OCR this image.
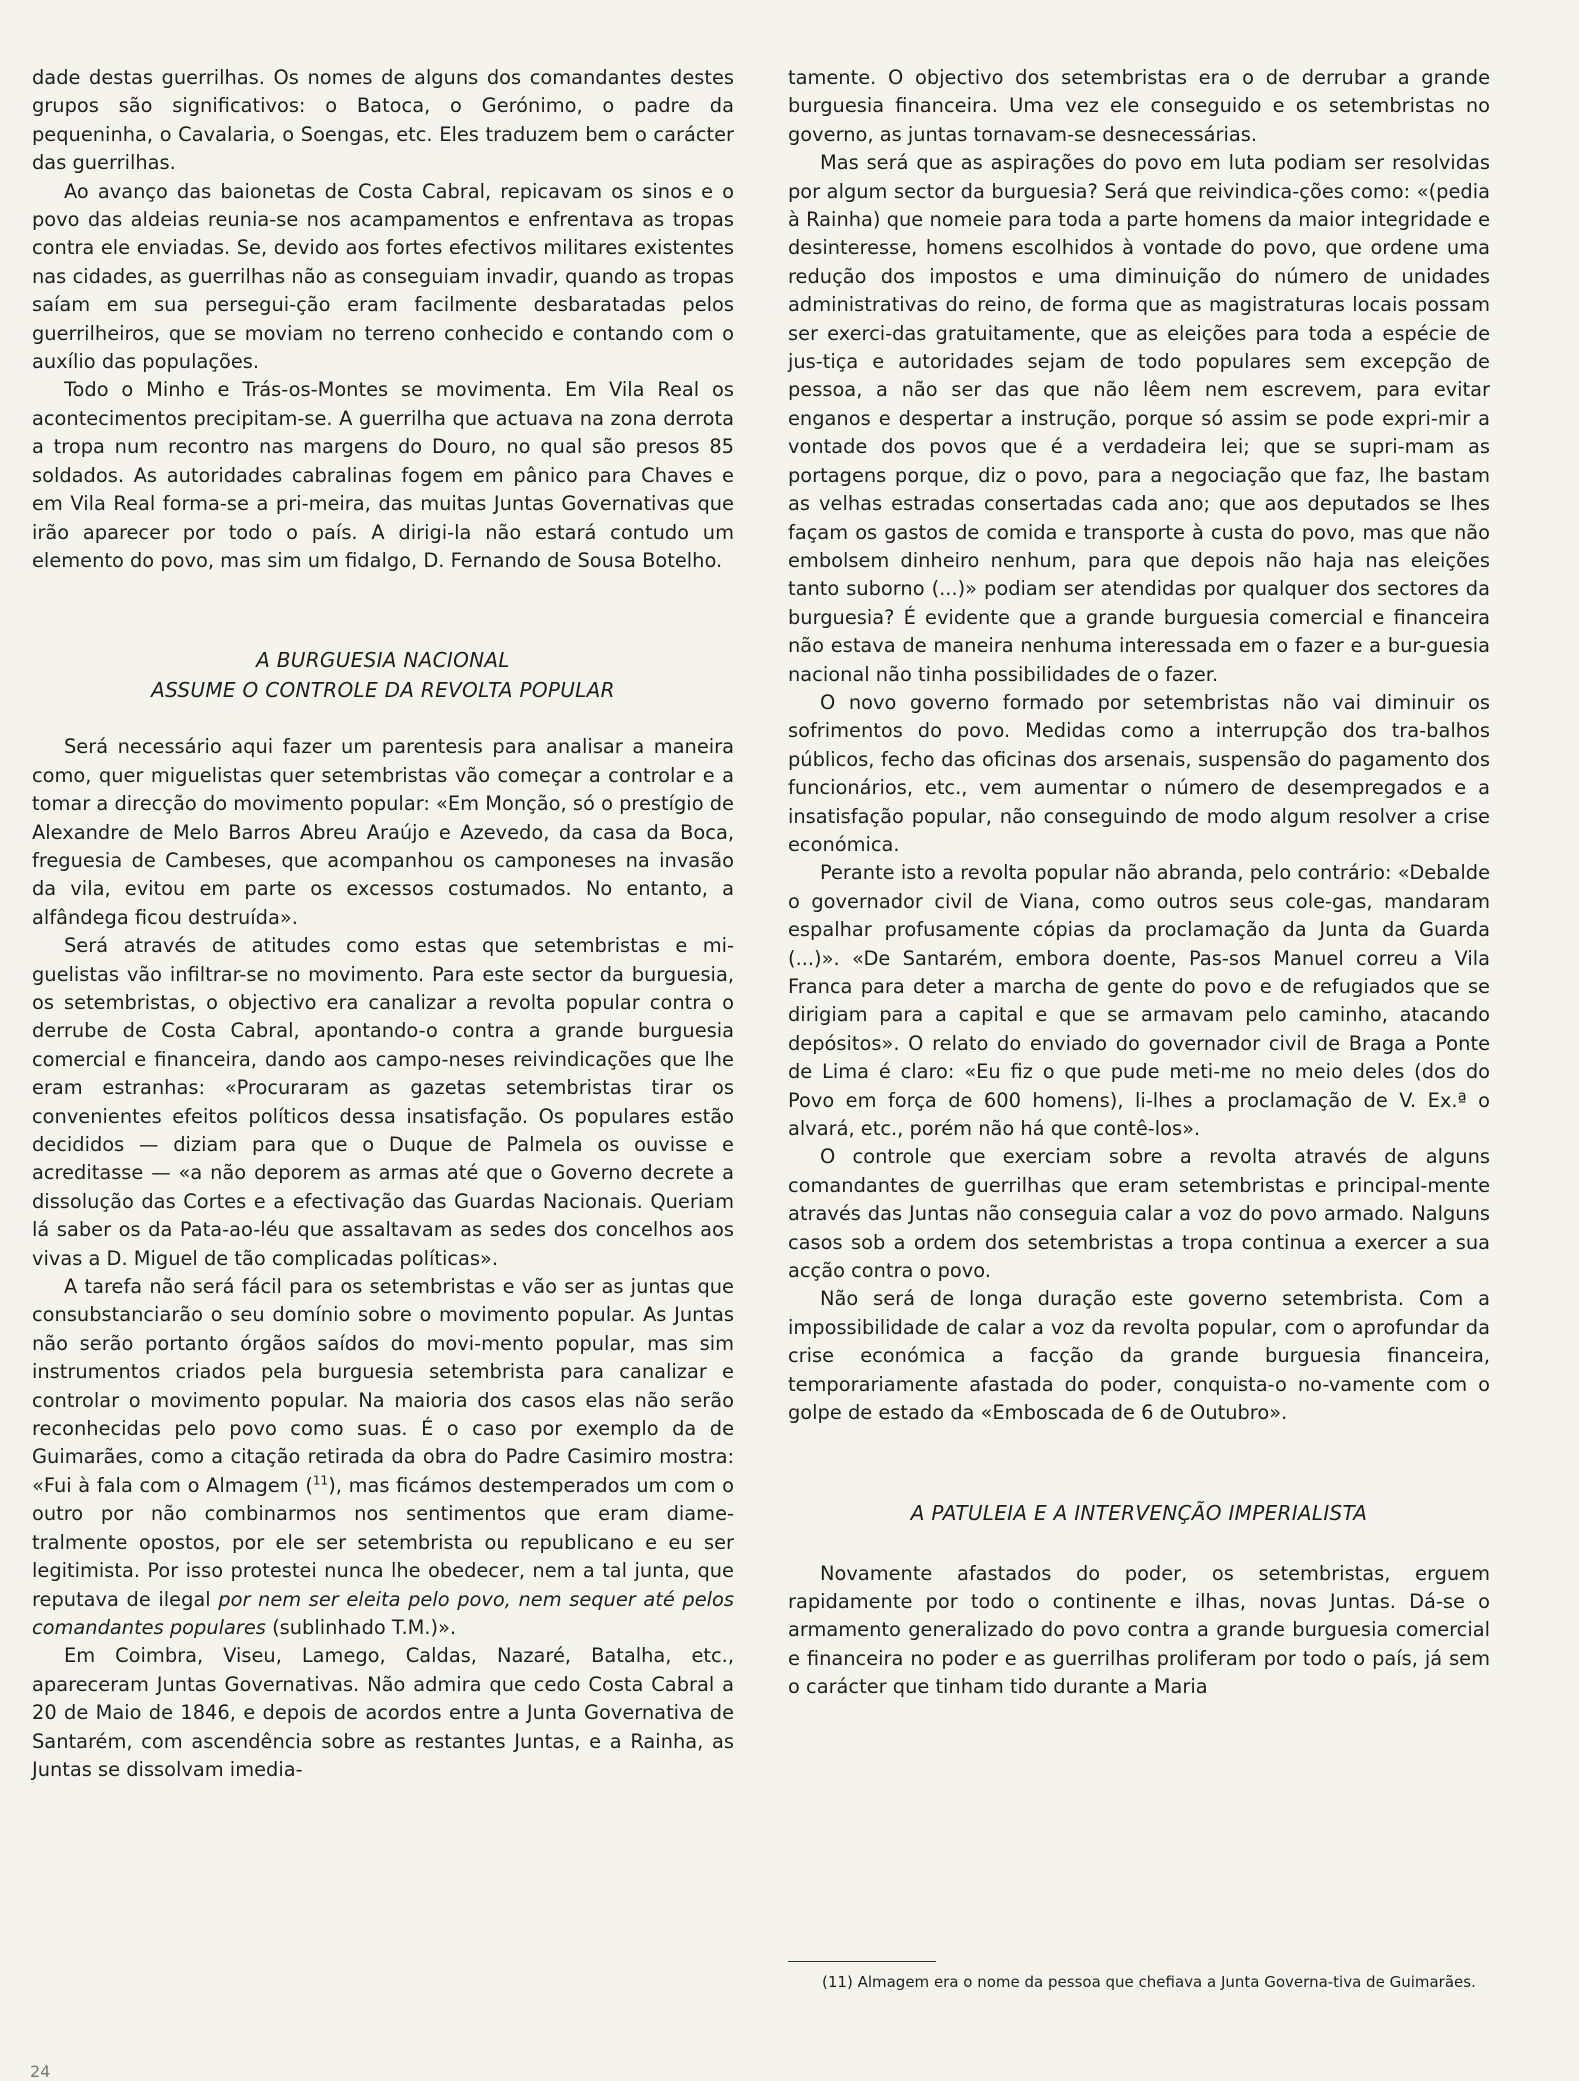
dade destas guerrilhas. Os nomes de alguns dos comandantes destes grupos são significativos: o Batoca, o Gerónimo, o padre da pequeninha, o Cavalaria, o Soengas, etc. Eles traduzem bem o carácter das guerrilhas.

Ao avanço das baionetas de Costa Cabral, repicavam os sinos e o povo das aldeias reunia-se nos acampamentos e enfrentava as tropas contra ele enviadas. Se, devido aos fortes efectivos militares existentes nas cidades, as guerrilhas não as conseguiam invadir, quando as tropas saíam em sua persegui-ção eram facilmente desbaratadas pelos guerrilheiros, que se moviam no terreno conhecido e contando com o auxílio das populações.

Todo o Minho e Trás-os-Montes se movimenta. Em Vila Real os acontecimentos precipitam-se. A guerrilha que actuava na zona derrota a tropa num recontro nas margens do Douro, no qual são presos 85 soldados. As autoridades cabralinas fogem em pânico para Chaves e em Vila Real forma-se a pri-meira, das muitas Juntas Governativas que irão aparecer por todo o país. A dirigi-la não estará contudo um elemento do povo, mas sim um fidalgo, D. Fernando de Sousa Botelho.

A BURGUESIA NACIONAL
ASSUME O CONTROLE DA REVOLTA POPULAR

Será necessário aqui fazer um parentesis para analisar a maneira como, quer miguelistas quer setembristas vão começar a controlar e a tomar a direcção do movimento popular: «Em Monção, só o prestígio de Alexandre de Melo Barros Abreu Araújo e Azevedo, da casa da Boca, freguesia de Cambeses, que acompanhou os camponeses na invasão da vila, evitou em parte os excessos costumados. No entanto, a alfândega ficou destruída».

Será através de atitudes como estas que setembristas e mi-guelistas vão infiltrar-se no movimento. Para este sector da burguesia, os setembristas, o objectivo era canalizar a revolta popular contra o derrube de Costa Cabral, apontando-o contra a grande burguesia comercial e financeira, dando aos campo-neses reivindicações que lhe eram estranhas: «Procuraram as gazetas setembristas tirar os convenientes efeitos políticos dessa insatisfação. Os populares estão decididos — diziam para que o Duque de Palmela os ouvisse e acreditasse — «a não deporem as armas até que o Governo decrete a dissolução das Cortes e a efectivação das Guardas Nacionais. Queriam lá saber os da Pata-ao-léu que assaltavam as sedes dos concelhos aos vivas a D. Miguel de tão complicadas políticas».

A tarefa não será fácil para os setembristas e vão ser as juntas que consubstanciarão o seu domínio sobre o movimento popular. As Juntas não serão portanto órgãos saídos do movi-mento popular, mas sim instrumentos criados pela burguesia setembrista para canalizar e controlar o movimento popular. Na maioria dos casos elas não serão reconhecidas pelo povo como suas. É o caso por exemplo da de Guimarães, como a citação retirada da obra do Padre Casimiro mostra: «Fui à fala com o Almagem ($^{11}$), mas ficámos destemperados um com o outro por não combinarmos nos sentimentos que eram diame-tralmente opostos, por ele ser setembrista ou republicano e eu ser legitimista. Por isso protestei nunca lhe obedecer, nem a tal junta, que reputava de ilegal por nem ser eleita pelo povo, nem sequer até pelos comandantes populares (sublinhado T.M.)».

Em Coimbra, Viseu, Lamego, Caldas, Nazaré, Batalha, etc., apareceram Juntas Governativas. Não admira que cedo Costa Cabral a 20 de Maio de 1846, e depois de acordos entre a Junta Governativa de Santarém, com ascendência sobre as restantes Juntas, e a Rainha, as Juntas se dissolvam imedia-

tamente. O objectivo dos setembristas era o de derrubar a grande burguesia financeira. Uma vez ele conseguido e os setembristas no governo, as juntas tornavam-se desnecessárias.

Mas será que as aspirações do povo em luta podiam ser resolvidas por algum sector da burguesia? Será que reivindica-ções como: «(pedia à Rainha) que nomeie para toda a parte homens da maior integridade e desinteresse, homens escolhidos à vontade do povo, que ordene uma redução dos impostos e uma diminuição do número de unidades administrativas do reino, de forma que as magistraturas locais possam ser exerci-das gratuitamente, que as eleições para toda a espécie de jus-tiça e autoridades sejam de todo populares sem excepção de pessoa, a não ser das que não lêem nem escrevem, para evitar enganos e despertar a instrução, porque só assim se pode expri-mir a vontade dos povos que é a verdadeira lei; que se supri-mam as portagens porque, diz o povo, para a negociação que faz, lhe bastam as velhas estradas consertadas cada ano; que aos deputados se lhes façam os gastos de comida e transporte à custa do povo, mas que não embolsem dinheiro nenhum, para que depois não haja nas eleições tanto suborno (...)» podiam ser atendidas por qualquer dos sectores da burguesia? É evidente que a grande burguesia comercial e financeira não estava de maneira nenhuma interessada em o fazer e a bur-guesia nacional não tinha possibilidades de o fazer.

O novo governo formado por setembristas não vai diminuir os sofrimentos do povo. Medidas como a interrupção dos tra-balhos públicos, fecho das oficinas dos arsenais, suspensão do pagamento dos funcionários, etc., vem aumentar o número de desempregados e a insatisfação popular, não conseguindo de modo algum resolver a crise económica.

Perante isto a revolta popular não abranda, pelo contrário: «Debalde o governador civil de Viana, como outros seus cole-gas, mandaram espalhar profusamente cópias da proclamação da Junta da Guarda (...)». «De Santarém, embora doente, Pas-sos Manuel correu a Vila Franca para deter a marcha de gente do povo e de refugiados que se dirigiam para a capital e que se armavam pelo caminho, atacando depósitos». O relato do enviado do governador civil de Braga a Ponte de Lima é claro: «Eu fiz o que pude meti-me no meio deles (dos do Povo em força de 600 homens), li-lhes a proclamação de V. Ex.ª o alvará, etc., porém não há que contê-los».

O controle que exerciam sobre a revolta através de alguns comandantes de guerrilhas que eram setembristas e principal-mente através das Juntas não conseguia calar a voz do povo armado. Nalguns casos sob a ordem dos setembristas a tropa continua a exercer a sua acção contra o povo.

Não será de longa duração este governo setembrista. Com a impossibilidade de calar a voz da revolta popular, com o aprofundar da crise económica a facção da grande burguesia financeira, temporariamente afastada do poder, conquista-o no-vamente com o golpe de estado da «Emboscada de 6 de Outubro».

A PATULEIA E A INTERVENÇÃO IMPERIALISTA

Novamente afastados do poder, os setembristas, erguem rapidamente por todo o continente e ilhas, novas Juntas. Dá-se o armamento generalizado do povo contra a grande burguesia comercial e financeira no poder e as guerrilhas proliferam por todo o país, já sem o carácter que tinham tido durante a Maria

(11) Almagem era o nome da pessoa que chefiava a Junta Governa-tiva de Guimarães.
24
